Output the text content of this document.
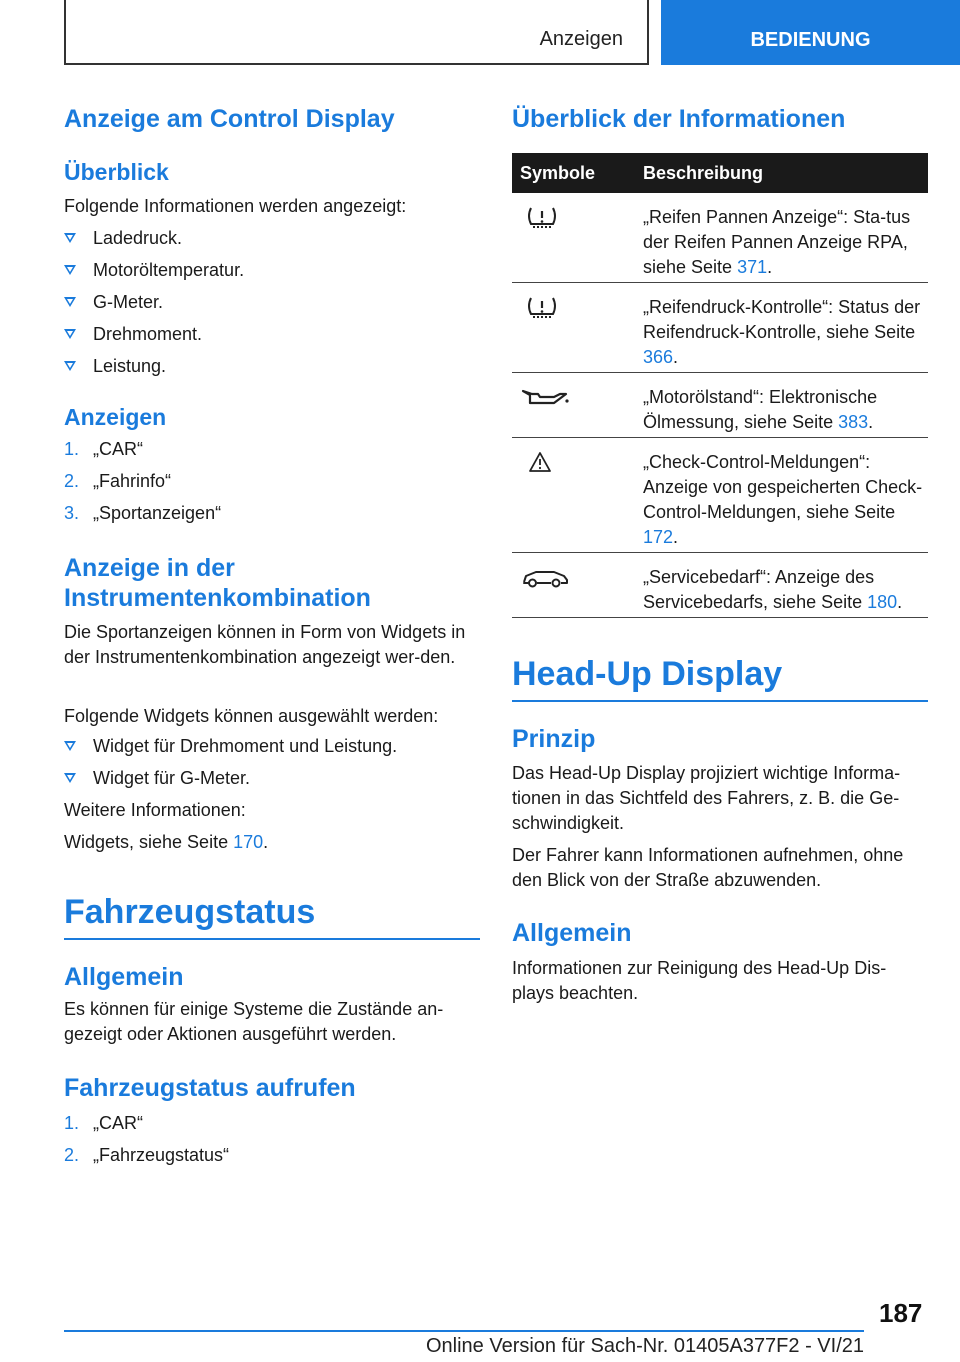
Anzeigen	BEDIENUNG
Anzeige am Control Display
Überblick
Folgende Informationen werden angezeigt:
Ladedruck.
Motoröltemperatur.
G-Meter.
Drehmoment.
Leistung.
Anzeigen
1. „CAR“
2. „Fahrinfo“
3. „Sportanzeigen“
Anzeige in der Instrumentenkombination
Die Sportanzeigen können in Form von Widgets in der Instrumentenkombination angezeigt wer-den.
Folgende Widgets können ausgewählt werden:
Widget für Drehmoment und Leistung.
Widget für G-Meter.
Weitere Informationen:
Widgets, siehe Seite 170.
Fahrzeugstatus
Allgemein
Es können für einige Systeme die Zustände an-gezeigt oder Aktionen ausgeführt werden.
Fahrzeugstatus aufrufen
1. „CAR“
2. „Fahrzeugstatus“
Überblick der Informationen
Symbole	Beschreibung
„Reifen Pannen Anzeige“: Sta-tus der Reifen Pannen Anzeige RPA, siehe Seite 371.
„Reifendruck-Kontrolle“: Status der Reifendruck-Kontrolle, siehe Seite 366.
„Motorölstand“: Elektronische Ölmessung, siehe Seite 383.
„Check-Control-Meldungen“: Anzeige von gespeicherten Check-Control-Meldungen, siehe Seite 172.
„Servicebedarf“: Anzeige des Servicebedarfs, siehe Seite 180.
Head-Up Display
Prinzip
Das Head-Up Display projiziert wichtige Informa-tionen in das Sichtfeld des Fahrers, z. B. die Ge-schwindigkeit.
Der Fahrer kann Informationen aufnehmen, ohne den Blick von der Straße abzuwenden.
Allgemein
Informationen zur Reinigung des Head-Up Dis-plays beachten.
187
Online Version für Sach-Nr. 01405A377F2 - VI/21
